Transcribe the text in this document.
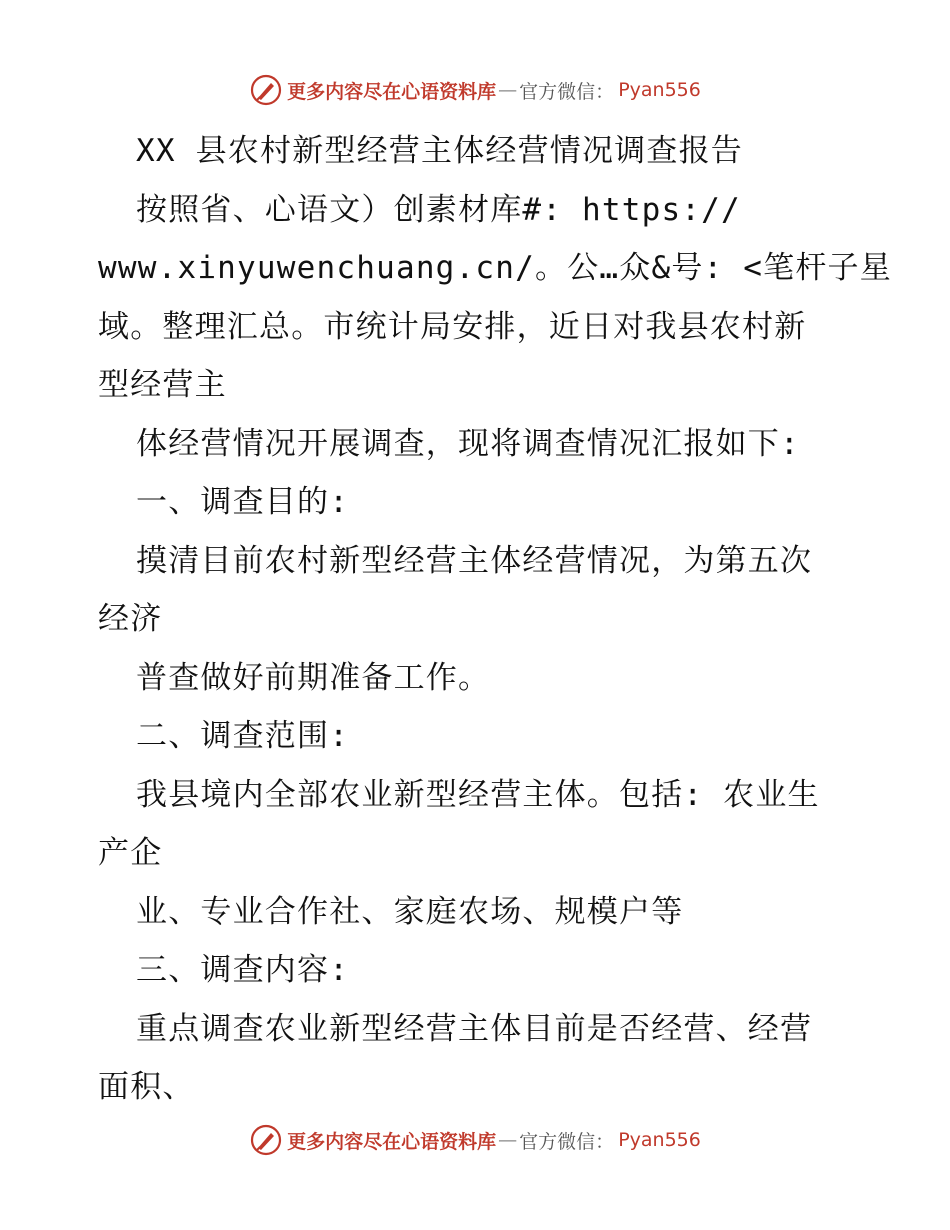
更多内容尽在心语资料库 — 官方微信： Pyan556
XX 县农村新型经营主体经营情况调查报告
按照省、心语文）创素材库#: https://
www.xinyuwenchuang.cn/。公…众&号: <笔杆子星
域。整理汇总。市统计局安排，近日对我县农村新
型经营主
体经营情况开展调查，现将调查情况汇报如下:
一、调查目的:
摸清目前农村新型经营主体经营情况，为第五次
经济
普查做好前期准备工作。
二、调查范围:
我县境内全部农业新型经营主体。包括: 农业生
产企
业、专业合作社、家庭农场、规模户等
三、调查内容:
重点调查农业新型经营主体目前是否经营、经营
面积、
更多内容尽在心语资料库 — 官方微信： Pyan556
